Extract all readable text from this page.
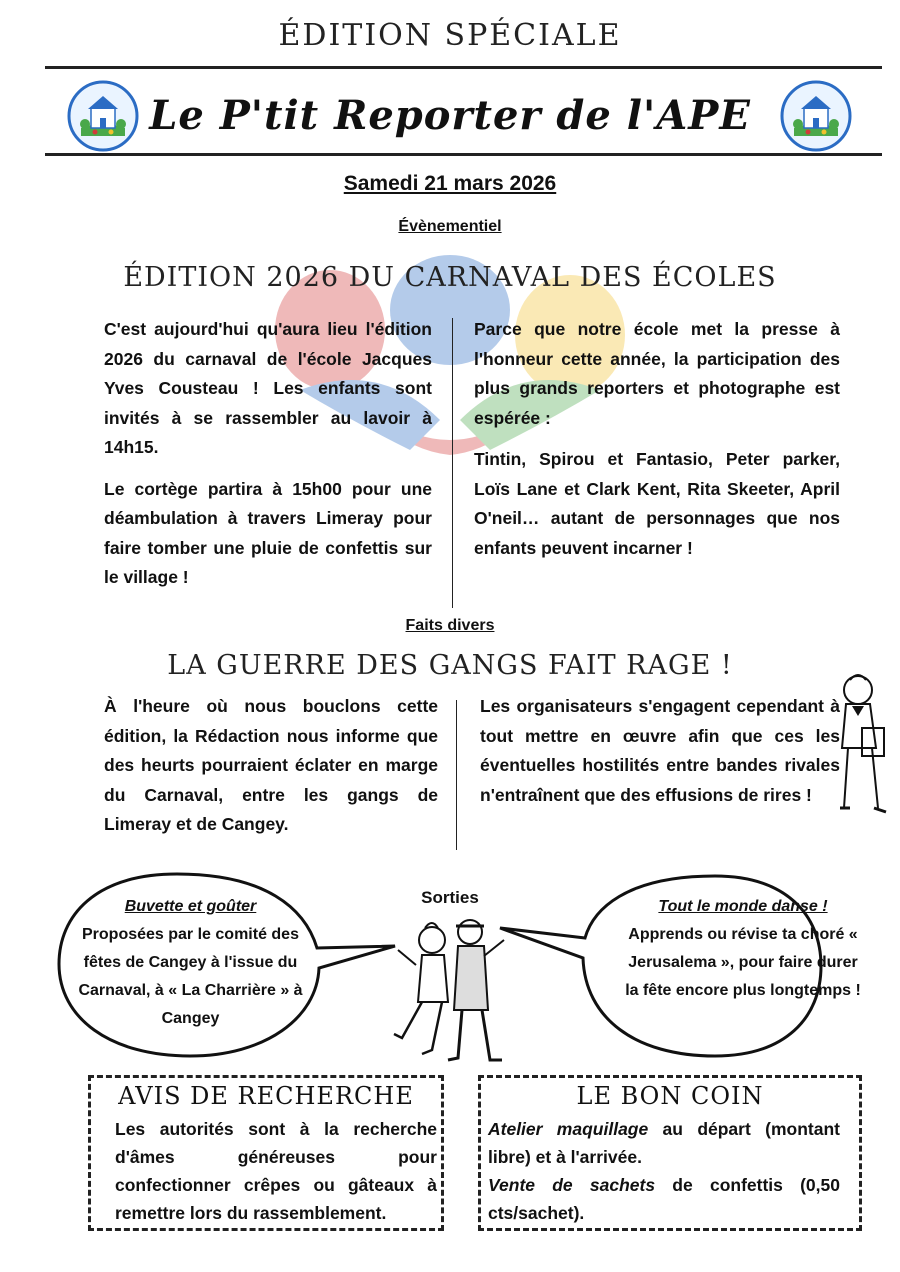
ÉDITION SPÉCIALE
Le P'tit Reporter de l'APE
Samedi 21 mars 2026
Évènementiel
ÉDITION 2026 DU CARNAVAL DES ÉCOLES

C'est aujourd'hui qu'aura lieu l'édition 2026 du carnaval de l'école Jacques Yves Cousteau ! Les enfants sont invités à se rassembler au lavoir à 14h15.

Le cortège partira à 15h00 pour une déambulation à travers Limeray pour faire tomber une pluie de confettis sur le village !

Parce que notre école met la presse à l'honneur cette année, la participation des plus grands reporters et photographe est espérée :

Tintin, Spirou et Fantasio, Peter parker, Loïs Lane et Clark Kent, Rita Skeeter, April O'neil… autant de personnages que nos enfants peuvent incarner !

Faits divers
LA GUERRE DES GANGS FAIT RAGE !

À l'heure où nous bouclons cette édition, la Rédaction nous informe que des heurts pourraient éclater en marge du Carnaval, entre les gangs de Limeray et de Cangey.

Les organisateurs s'engagent cependant à tout mettre en œuvre afin que ces les éventuelles hostilités entre bandes rivales n'entraînent que des effusions de rires !

Sorties
Buvette et goûter
Proposées par le comité des fêtes de Cangey à l'issue du Carnaval, à « La Charrière » à Cangey
Tout le monde danse !
Apprends ou révise ta choré « Jerusalema », pour faire durer la fête encore plus longtemps !
AVIS DE RECHERCHE
Les autorités sont à la recherche d'âmes généreuses pour confectionner crêpes ou gâteaux à remettre lors du rassemblement.
LE BON COIN
Atelier maquillage au départ (montant libre) et à l'arrivée.
Vente de sachets de confettis (0,50 cts/sachet).
